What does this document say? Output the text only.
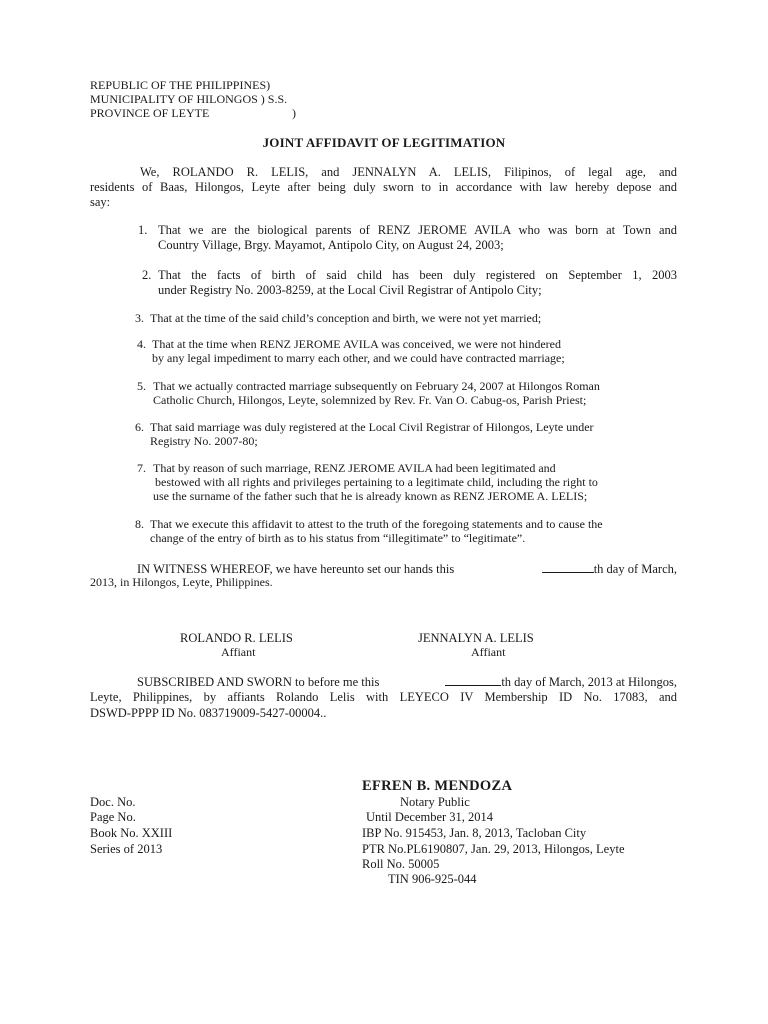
REPUBLIC OF THE PHILIPPINES)
MUNICIPALITY OF HILONGOS ) S.S.
PROVINCE OF LEYTE	)
JOINT AFFIDAVIT OF LEGITIMATION
We, ROLANDO R. LELIS, and JENNALYN A. LELIS, Filipinos, of legal age, and
residents of Baas, Hilongos, Leyte after being duly sworn to in accordance with law hereby depose and
say:
1. That we are the biological parents of RENZ JEROME AVILA who was born at Town and
Country Village, Brgy. Mayamot, Antipolo City, on August 24, 2003;
2. That the facts of birth of said child has been duly registered on September 1, 2003
under Registry No. 2003-8259, at the Local Civil Registrar of Antipolo City;
3. That at the time of the said child’s conception and birth, we were not yet married;
4. That at the time when RENZ JEROME AVILA was conceived, we were not hindered
by any legal impediment to marry each other, and we could have contracted marriage;
5. That we actually contracted marriage subsequently on February 24, 2007 at Hilongos Roman
Catholic Church, Hilongos, Leyte, solemnized by Rev. Fr. Van O. Cabug-os, Parish Priest;
6. That said marriage was duly registered at the Local Civil Registrar of Hilongos, Leyte under
Registry No. 2007-80;
7. That by reason of such marriage, RENZ JEROME AVILA had been legitimated and
bestowed with all rights and privileges pertaining to a legitimate child, including the right to
use the surname of the father such that he is already known as RENZ JEROME A. LELIS;
8. That we execute this affidavit to attest to the truth of the foregoing statements and to cause the
change of the entry of birth as to his status from “illegitimate” to “legitimate”.
IN WITNESS WHEREOF, we have hereunto set our hands this	th day of March,
2013, in Hilongos, Leyte, Philippines.
ROLANDO R. LELIS
Affiant
JENNALYN A. LELIS
Affiant
SUBSCRIBED AND SWORN to before me this	th day of March, 2013 at Hilongos,
Leyte, Philippines, by affiants Rolando Lelis with LEYECO IV Membership ID No. 17083, and
DSWD-PPPP ID No. 083719009-5427-00004..
EFREN B. MENDOZA
Notary Public
Until December 31, 2014
IBP No. 915453, Jan. 8, 2013, Tacloban City
PTR No.PL6190807, Jan. 29, 2013, Hilongos, Leyte
Roll No. 50005
TIN 906-925-044
Doc. No.
Page No.
Book No. XXIII
Series of 2013
